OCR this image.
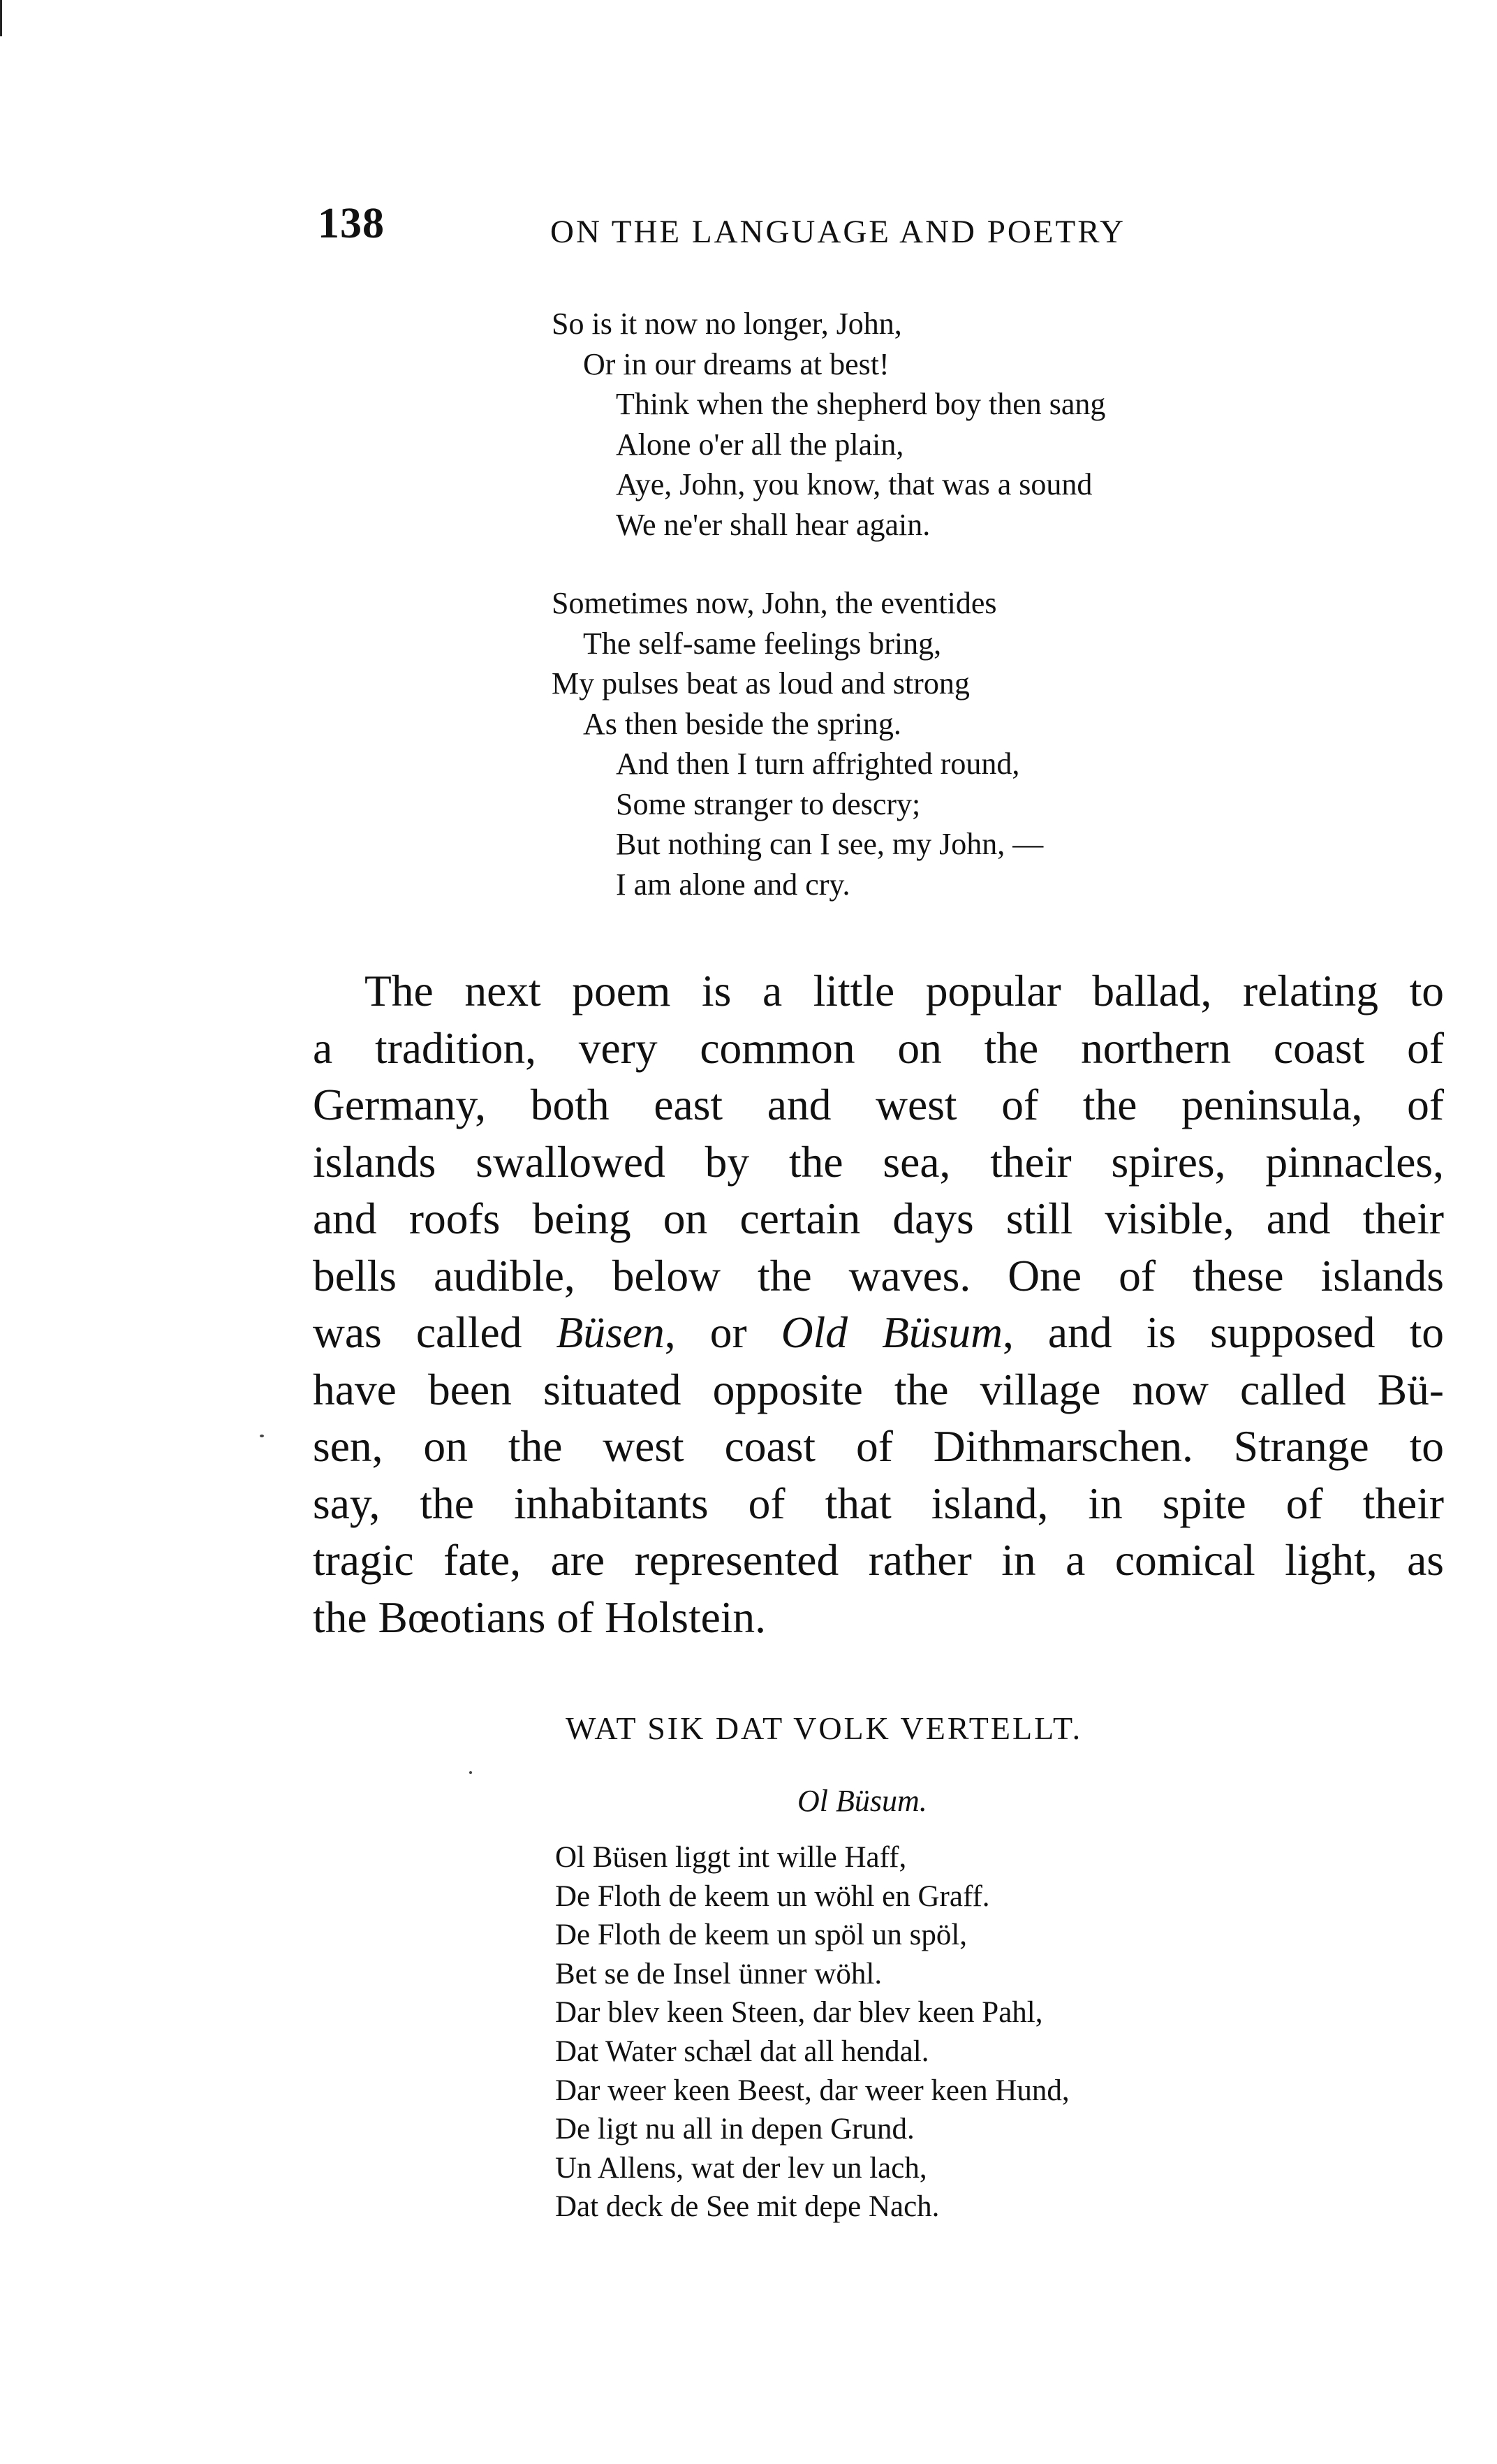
138	ON THE LANGUAGE AND POETRY
So is it now no longer, John,
Or in our dreams at best!
Think when the shepherd boy then sang
Alone o'er all the plain,
Aye, John, you know, that was a sound
We ne'er shall hear again.
Sometimes now, John, the eventides
The self-same feelings bring,
My pulses beat as loud and strong
As then beside the spring.
And then I turn affrighted round,
Some stranger to descry;
But nothing can I see, my John, —
I am alone and cry.
The next poem is a little popular ballad, relating to
a tradition, very common on the northern coast of
Germany, both east and west of the peninsula, of
islands swallowed by the sea, their spires, pinnacles,
and roofs being on certain days still visible, and their
bells audible, below the waves. One of these islands
was called Büsen, or Old Büsum, and is supposed to
have been situated opposite the village now called Bü-
sen, on the west coast of Dithmarschen. Strange to
say, the inhabitants of that island, in spite of their
tragic fate, are represented rather in a comical light, as
the Bœotians of Holstein.
WAT SIK DAT VOLK VERTELLT.
Ol Büsum.
Ol Büsen liggt int wille Haff,
De Floth de keem un wöhl en Graff.
De Floth de keem un spöl un spöl,
Bet se de Insel ünner wöhl.
Dar blev keen Steen, dar blev keen Pahl,
Dat Water schæl dat all hendal.
Dar weer keen Beest, dar weer keen Hund,
De ligt nu all in depen Grund.
Un Allens, wat der lev un lach,
Dat deck de See mit depe Nach.
